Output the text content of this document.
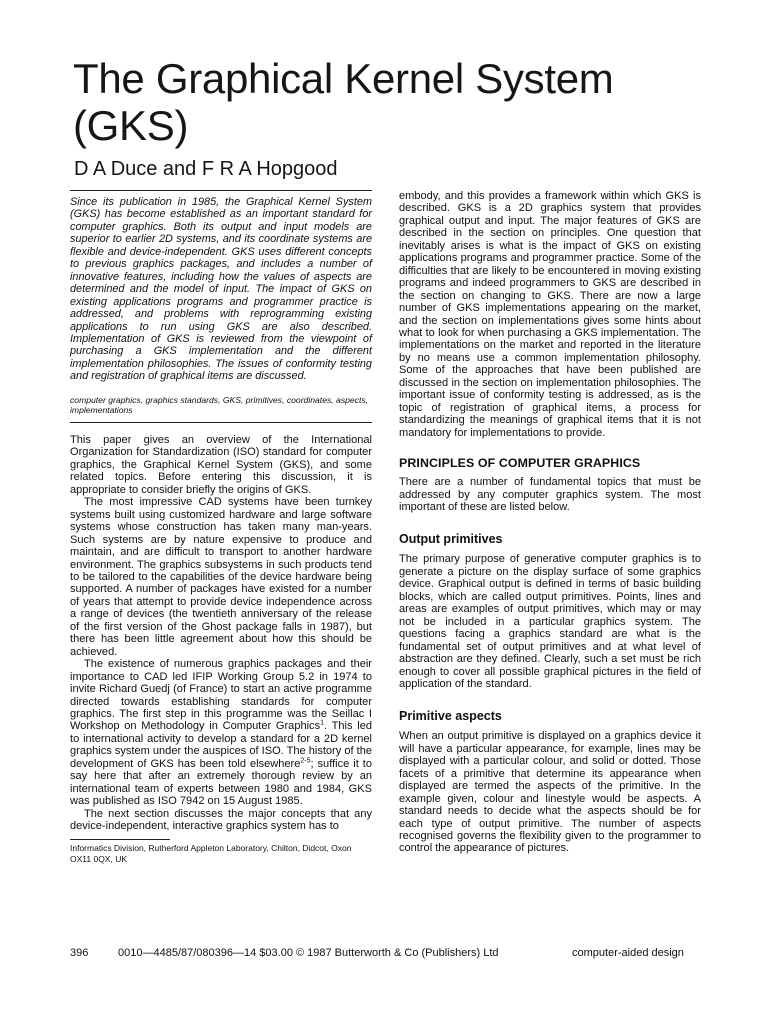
The Graphical Kernel System (GKS)

D A Duce and F R A Hopgood

Since its publication in 1985, the Graphical Kernel System (GKS) has become established as an important standard for computer graphics. Both its output and input models are superior to earlier 2D systems, and its coordinate systems are flexible and device-independent. GKS uses different concepts to previous graphics packages, and includes a number of innovative features, including how the values of aspects are determined and the model of input. The impact of GKS on existing applications programs and programmer practice is addressed, and problems with reprogramming existing applications to run using GKS are also described. Implementation of GKS is reviewed from the viewpoint of purchasing a GKS implementation and the different implementation philosophies. The issues of conformity testing and registration of graphical items are discussed.

computer graphics, graphics standards, GKS, primitives, coordinates, aspects, implementations

This paper gives an overview of the International Organization for Standardization (ISO) standard for computer graphics, the Graphical Kernel System (GKS), and some related topics. Before entering this discussion, it is appropriate to consider briefly the origins of GKS.

The most impressive CAD systems have been turnkey systems built using customized hardware and large software systems whose construction has taken many man-years. Such systems are by nature expensive to produce and maintain, and are difficult to transport to another hardware environment. The graphics subsystems in such products tend to be tailored to the capabilities of the device hardware being supported. A number of packages have existed for a number of years that attempt to provide device independence across a range of devices (the twentieth anniversary of the release of the first version of the Ghost package falls in 1987), but there has been little agreement about how this should be achieved.

The existence of numerous graphics packages and their importance to CAD led IFIP Working Group 5.2 in 1974 to invite Richard Guedj (of France) to start an active programme directed towards establishing standards for computer graphics. The first step in this programme was the Seillac I Workshop on Methodology in Computer Graphics$^1$. This led to international activity to develop a standard for a 2D kernel graphics system under the auspices of ISO. The history of the development of GKS has been told elsewhere$^{2-5}$; suffice it to say here that after an extremely thorough review by an international team of experts between 1980 and 1984, GKS was published as ISO 7942 on 15 August 1985.

The next section discusses the major concepts that any device-independent, interactive graphics system has to

Informatics Division, Rutherford Appleton Laboratory, Chilton, Didcot, Oxon OX11 0QX, UK

embody, and this provides a framework within which GKS is described. GKS is a 2D graphics system that provides graphical output and input. The major features of GKS are described in the section on principles. One question that inevitably arises is what is the impact of GKS on existing applications programs and programmer practice. Some of the difficulties that are likely to be encountered in moving existing programs and indeed programmers to GKS are described in the section on changing to GKS. There are now a large number of GKS implementations appearing on the market, and the section on implementations gives some hints about what to look for when purchasing a GKS implementation. The implementations on the market and reported in the literature by no means use a common implementation philosophy. Some of the approaches that have been published are discussed in the section on implementation philosophies. The important issue of conformity testing is addressed, as is the topic of registration of graphical items, a process for standardizing the meanings of graphical items that it is not mandatory for implementations to provide.

PRINCIPLES OF COMPUTER GRAPHICS

There are a number of fundamental topics that must be addressed by any computer graphics system. The most important of these are listed below.

Output primitives

The primary purpose of generative computer graphics is to generate a picture on the display surface of some graphics device. Graphical output is defined in terms of basic building blocks, which are called output primitives. Points, lines and areas are examples of output primitives, which may or may not be included in a particular graphics system. The questions facing a graphics standard are what is the fundamental set of output primitives and at what level of abstraction are they defined. Clearly, such a set must be rich enough to cover all possible graphical pictures in the field of application of the standard.

Primitive aspects

When an output primitive is displayed on a graphics device it will have a particular appearance, for example, lines may be displayed with a particular colour, and solid or dotted. Those facets of a primitive that determine its appearance when displayed are termed the aspects of the primitive. In the example given, colour and linestyle would be aspects. A standard needs to decide what the aspects should be for each type of output primitive. The number of aspects recognised governs the flexibility given to the programmer to control the appearance of pictures.

396	0010—4485/87/080396—14 $03.00 © 1987 Butterworth & Co (Publishers) Ltd	computer-aided design
